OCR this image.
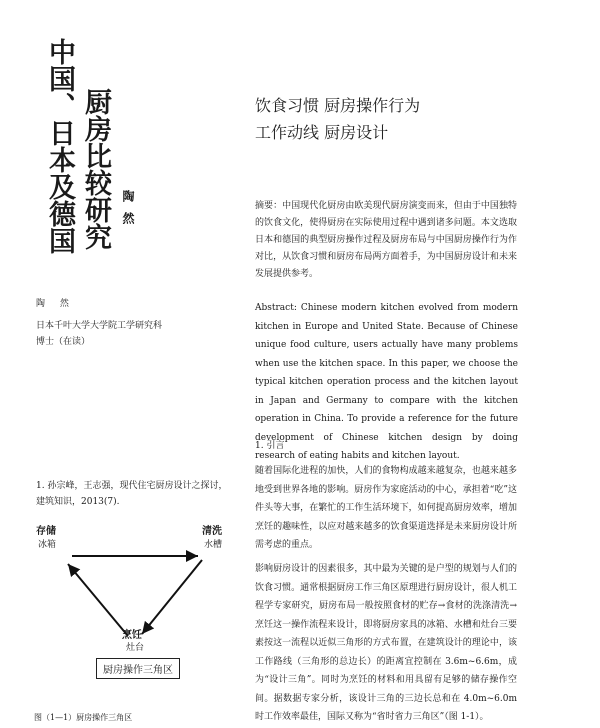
中国、日本及德国 厨房比较研究 陶然
饮食习惯 厨房操作行为
工作动线 厨房设计
摘要：中国现代化厨房由欧美现代厨房演变而来，但由于中国独特的饮食文化，使得厨房在实际使用过程中遇到诸多问题。本文选取日本和德国的典型厨房操作过程及厨房布局与中国厨房操作行为作对比，从饮食习惯和厨房布局两方面着手，为中国厨房设计和未来发展提供参考。
Abstract: Chinese modern kitchen evolved from modern kitchen in Europe and United State. Because of Chinese unique food culture, users actually have many problems when use the kitchen space. In this paper, we choose the typical kitchen operation process and the kitchen layout in Japan and Germany to compare with the kitchen operation in China. To provide a reference for the future development of Chinese kitchen design by doing research of eating habits and kitchen layout.
1. 引言
随着国际化进程的加快，人们的食物构成越来越复杂，也越来越多地受到世界各地的影响。厨房作为家庭活动的中心，承担着“吃”这件头等大事，在繁忙的工作生活环境下，如何提高厨房效率，增加烹饪的趣味性，以应对越来越多的饮食渠道选择是未来厨房设计所需考虑的重点。
影响厨房设计的因素很多，其中最为关键的是户型的规划与人们的饮食习惯。通常根据厨房工作三角区原理进行厨房设计，很人机工程学专家研究，厨房布局一般按照食材的贮存→食材的洗涤清洗→烹饪这一操作流程来设计，即将厨房家具的冰箱、水槽和灶台三要素按这一流程以近似三角形的方式布置，在建筑设计的理论中，该工作路线（三角形的总边长）的距离宜控制在 3.6m~6.6m，成为“设计三角”。同时为烹饪的材料和用具留有足够的储存操作空间。据数据专家分析，该设计三角的三边长总和在 4.0m~6.0m 时工作效率最佳，国际又称为“省时省力三角区”（图 1-1）。
陶 然
日本千叶大学大学院工学研究科
博士（在读）
1. 孙宗峰，王志强，现代住宅厨房设计之探讨，建筑知识，2013(7).
存储
冰箱
清洗
水槽
烹饪
灶台
厨房操作三角区
图（1—1）厨房操作三角区
